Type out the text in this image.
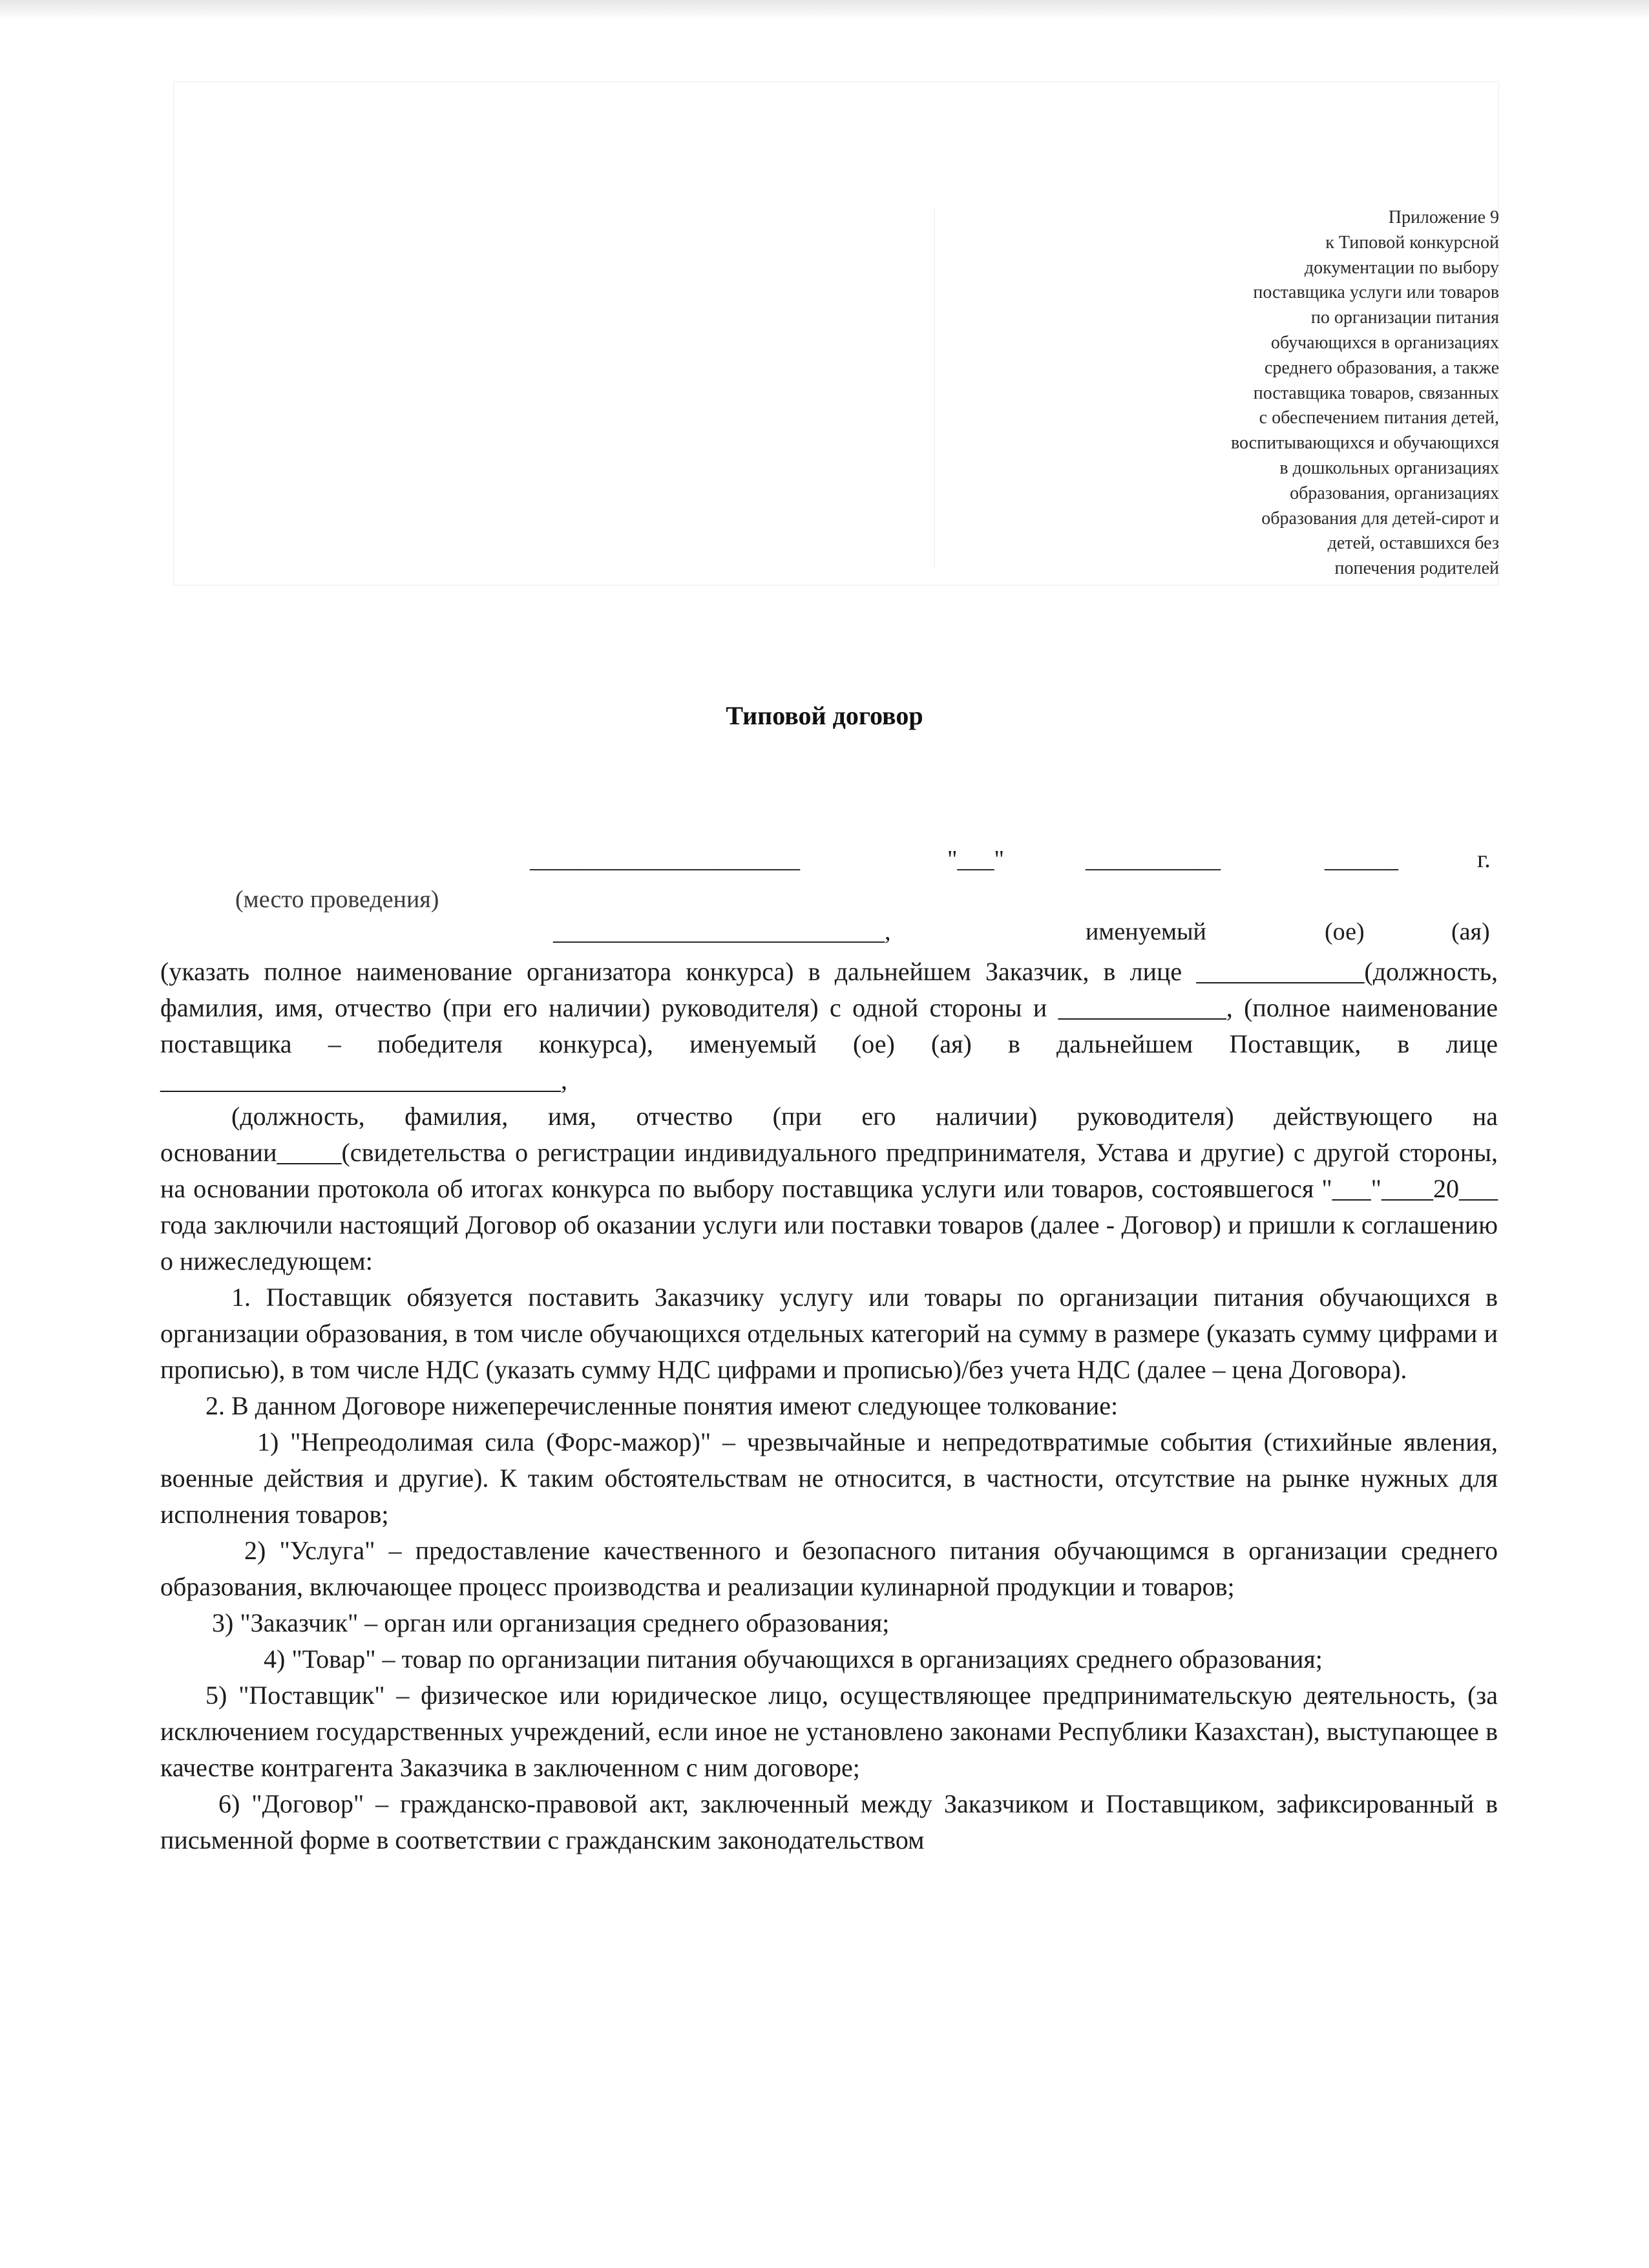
Приложение 9
к Типовой конкурсной
документации по выбору
поставщика услуги или товаров
по организации питания
обучающихся в организациях
среднего образования, а также
поставщика товаров, связанных
с обеспечением питания детей,
воспитывающихся и обучающихся
в дошкольных организациях
образования, организациях
образования для детей-сирот и
детей, оставшихся без
попечения родителей
Типовой договор
______________________	"___"	___________	______	г.
(место проведения)
___________________________,	именуемый	(ое)	(ая)

(указать полное наименование организатора конкурса) в дальнейшем Заказчик, в лице _____________(должность, фамилия, имя, отчество (при его наличии) руководителя) с одной стороны и _____________, (полное наименование поставщика – победителя конкурса), именуемый (ое) (ая) в дальнейшем Поставщик, в лице _______________________________,

(должность, фамилия, имя, отчество (при его наличии) руководителя) действующего на основании_____(свидетельства о регистрации индивидуального предпринимателя, Устава и другие) с другой стороны, на основании протокола об итогах конкурса по выбору поставщика услуги или товаров, состоявшегося "___"____20___ года заключили настоящий Договор об оказании услуги или поставки товаров (далее - Договор) и пришли к соглашению о нижеследующем:

1. Поставщик обязуется поставить Заказчику услугу или товары по организации питания обучающихся в организации образования, в том числе обучающихся отдельных категорий на сумму в размере (указать сумму цифрами и прописью), в том числе НДС (указать сумму НДС цифрами и прописью)/без учета НДС (далее – цена Договора).

2. В данном Договоре нижеперечисленные понятия имеют следующее толкование:

1) "Непреодолимая сила (Форс-мажор)" – чрезвычайные и непредотвратимые события (стихийные явления, военные действия и другие). К таким обстоятельствам не относится, в частности, отсутствие на рынке нужных для исполнения товаров;

2) "Услуга" – предоставление качественного и безопасного питания обучающимся в организации среднего образования, включающее процесс производства и реализации кулинарной продукции и товаров;

3) "Заказчик" – орган или организация среднего образования;

4) "Товар" – товар по организации питания обучающихся в организациях среднего образования;

5) "Поставщик" – физическое или юридическое лицо, осуществляющее предпринимательскую деятельность, (за исключением государственных учреждений, если иное не установлено законами Республики Казахстан), выступающее в качестве контрагента Заказчика в заключенном с ним договоре;

6) "Договор" – гражданско-правовой акт, заключенный между Заказчиком и Поставщиком, зафиксированный в письменной форме в соответствии с гражданским законодательством
